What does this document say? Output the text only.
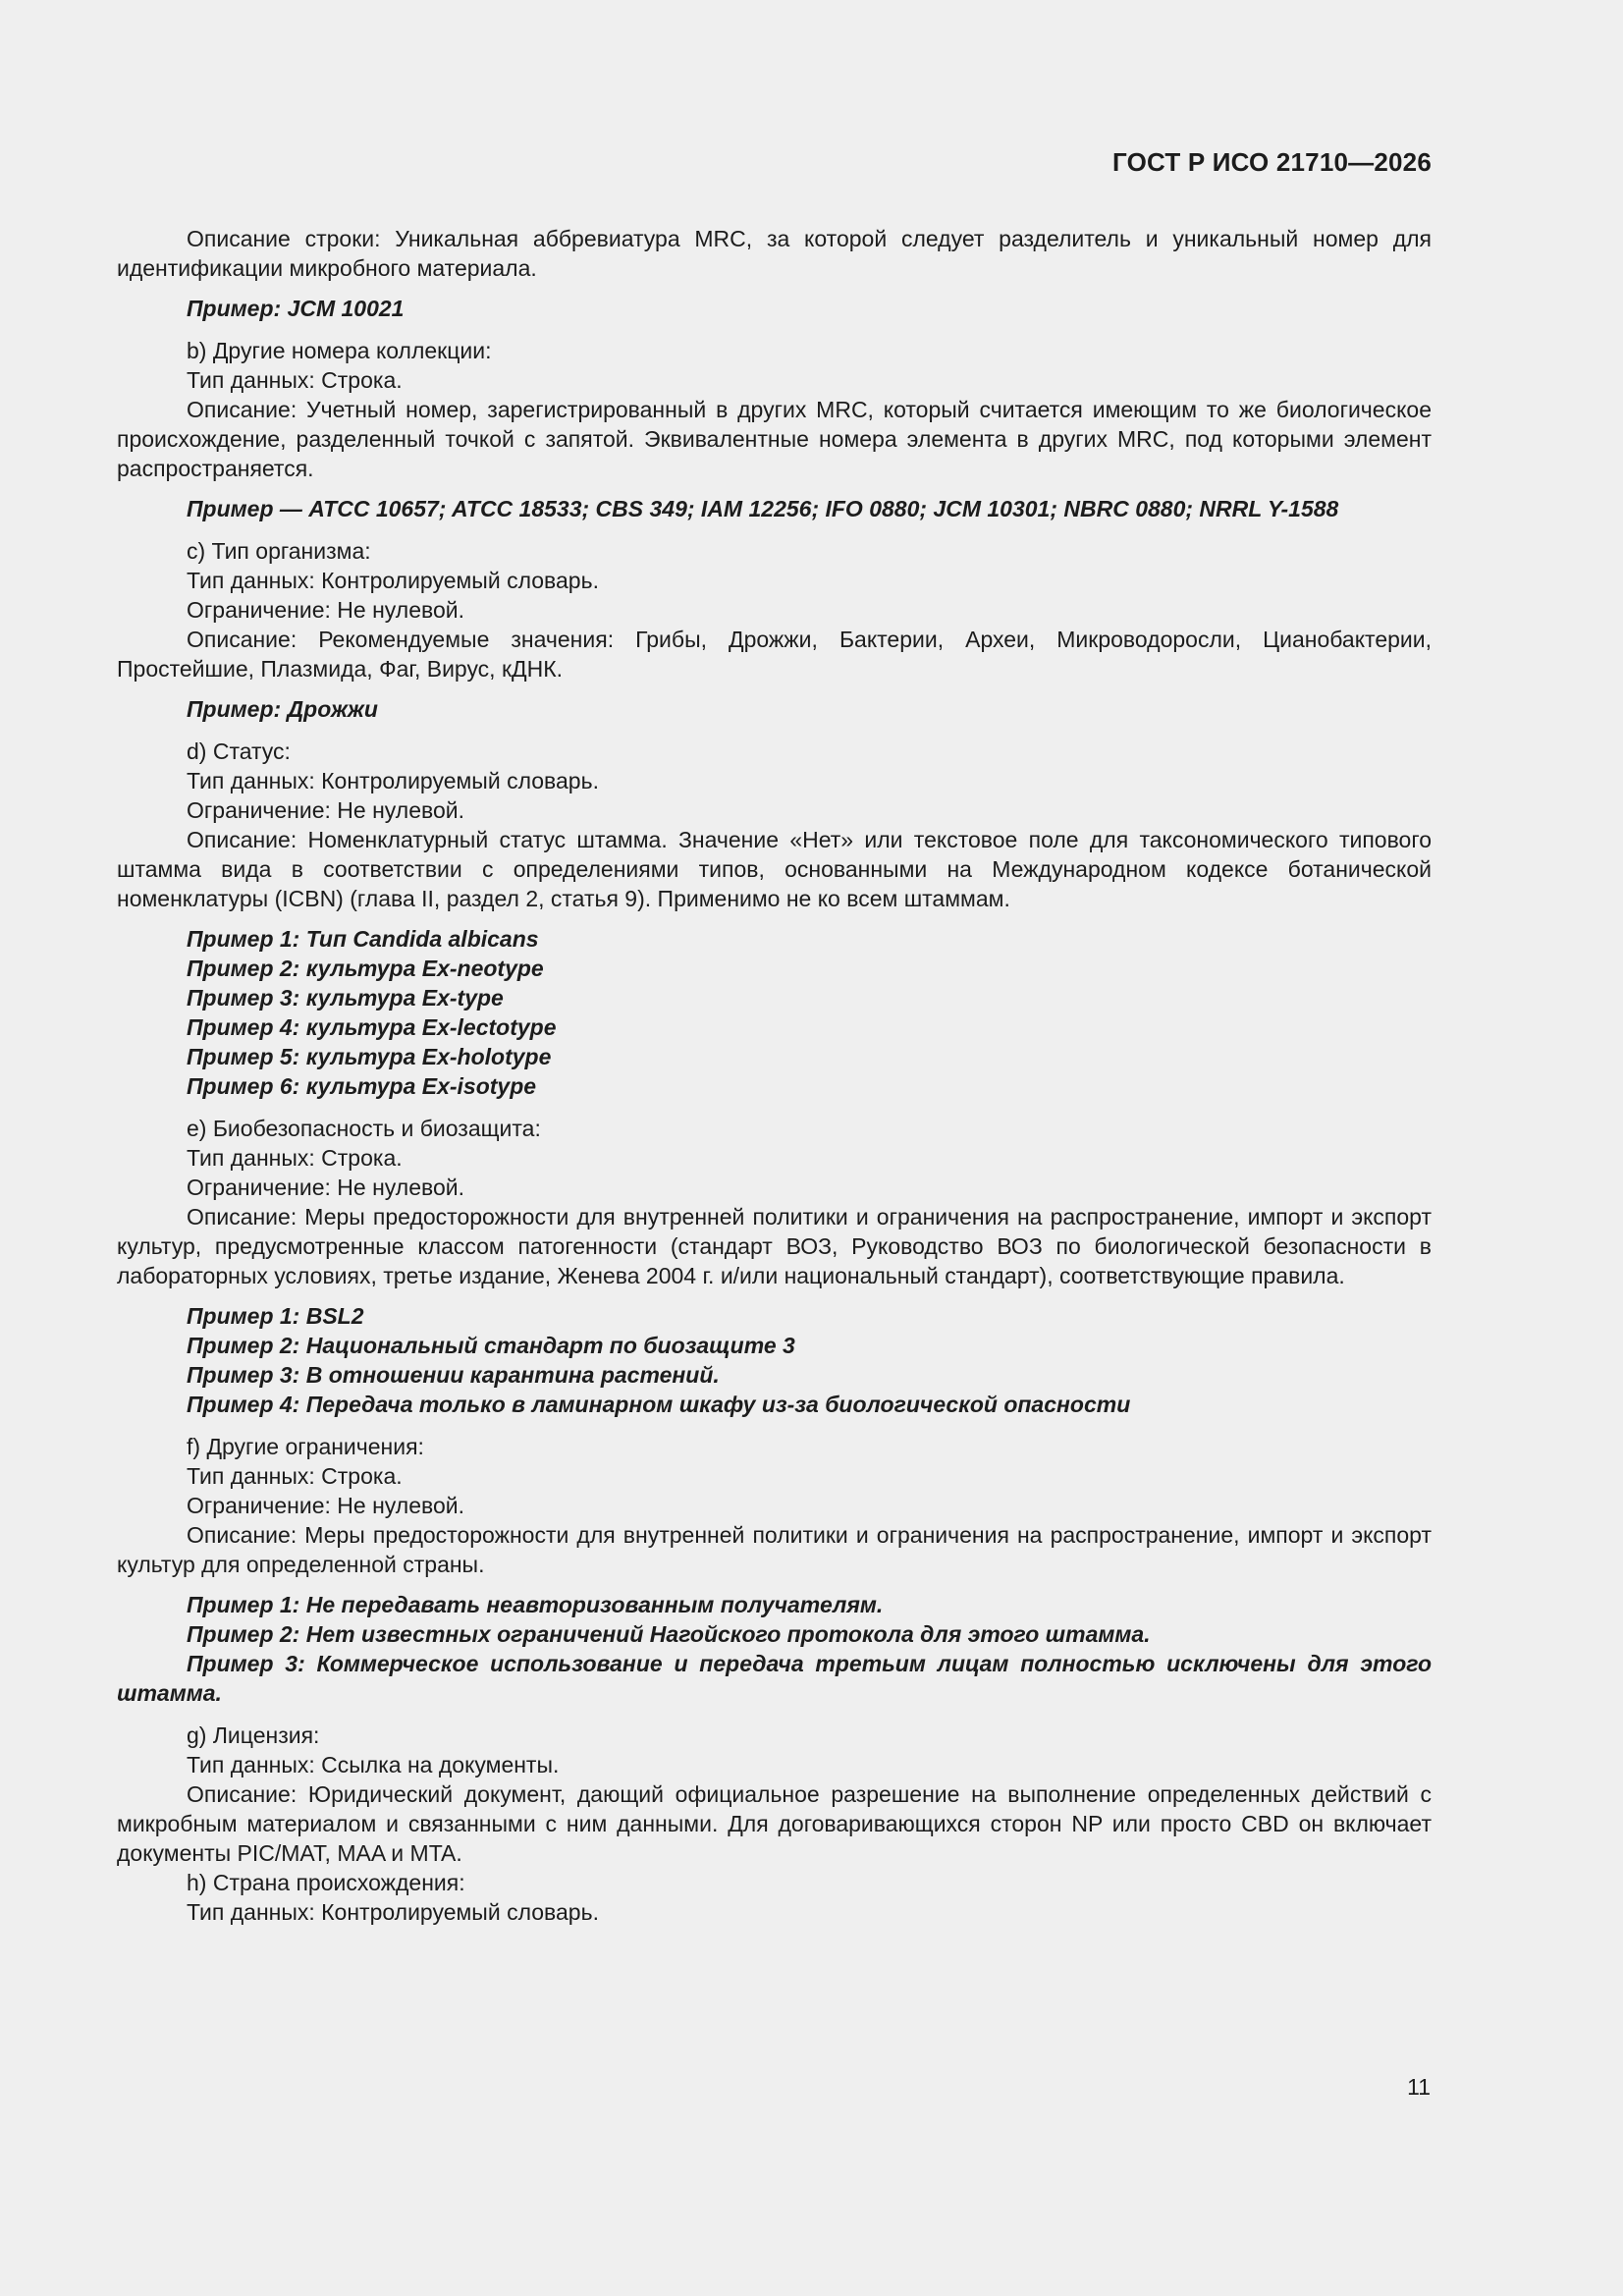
ГОСТ Р ИСО 21710—2026

Описание строки: Уникальная аббревиатура MRC, за которой следует разделитель и уникальный номер для идентификации микробного материала.

Пример: JCM 10021

b) Другие номера коллекции:

Тип данных: Строка.

Описание: Учетный номер, зарегистрированный в других MRC, который считается имеющим то же биологическое происхождение, разделенный точкой с запятой. Эквивалентные номера элемента в других MRC, под которыми элемент распространяется.

Пример — ATCC 10657; ATCC 18533; CBS 349; IAM 12256; IFO 0880; JCM 10301; NBRC 0880; NRRL Y-1588

c) Тип организма:

Тип данных: Контролируемый словарь.

Ограничение: Не нулевой.

Описание: Рекомендуемые значения: Грибы, Дрожжи, Бактерии, Археи, Микроводоросли, Цианобактерии, Простейшие, Плазмида, Фаг, Вирус, кДНК.

Пример: Дрожжи

d) Статус:

Тип данных: Контролируемый словарь.

Ограничение: Не нулевой.

Описание: Номенклатурный статус штамма. Значение «Нет» или текстовое поле для таксономического типового штамма вида в соответствии с определениями типов, основанными на Международном кодексе ботанической номенклатуры (ICBN) (глава II, раздел 2, статья 9). Применимо не ко всем штаммам.

Пример 1: Тип Candida albicans

Пример 2: культура Ex-neotype

Пример 3: культура Ex-type

Пример 4: культура Ex-lectotype

Пример 5: культура Ex-holotype

Пример 6: культура Ex-isotype

e) Биобезопасность и биозащита:

Тип данных: Строка.

Ограничение: Не нулевой.

Описание: Меры предосторожности для внутренней политики и ограничения на распространение, импорт и экспорт культур, предусмотренные классом патогенности (стандарт ВОЗ, Руководство ВОЗ по биологической безопасности в лабораторных условиях, третье издание, Женева 2004 г. и/или национальный стандарт), соответствующие правила.

Пример 1: BSL2

Пример 2: Национальный стандарт по биозащите 3

Пример 3: В отношении карантина растений.

Пример 4: Передача только в ламинарном шкафу из-за биологической опасности

f) Другие ограничения:

Тип данных: Строка.

Ограничение: Не нулевой.

Описание: Меры предосторожности для внутренней политики и ограничения на распространение, импорт и экспорт культур для определенной страны.

Пример 1: Не передавать неавторизованным получателям.

Пример 2: Нет известных ограничений Нагойского протокола для этого штамма.

Пример 3: Коммерческое использование и передача третьим лицам полностью исключены для этого штамма.

g) Лицензия:

Тип данных: Ссылка на документы.

Описание: Юридический документ, дающий официальное разрешение на выполнение определенных действий с микробным материалом и связанными с ним данными. Для договаривающихся сторон NP или просто CBD он включает документы PIC/MAT, MAA и MTA.

h) Страна происхождения:

Тип данных: Контролируемый словарь.

11
